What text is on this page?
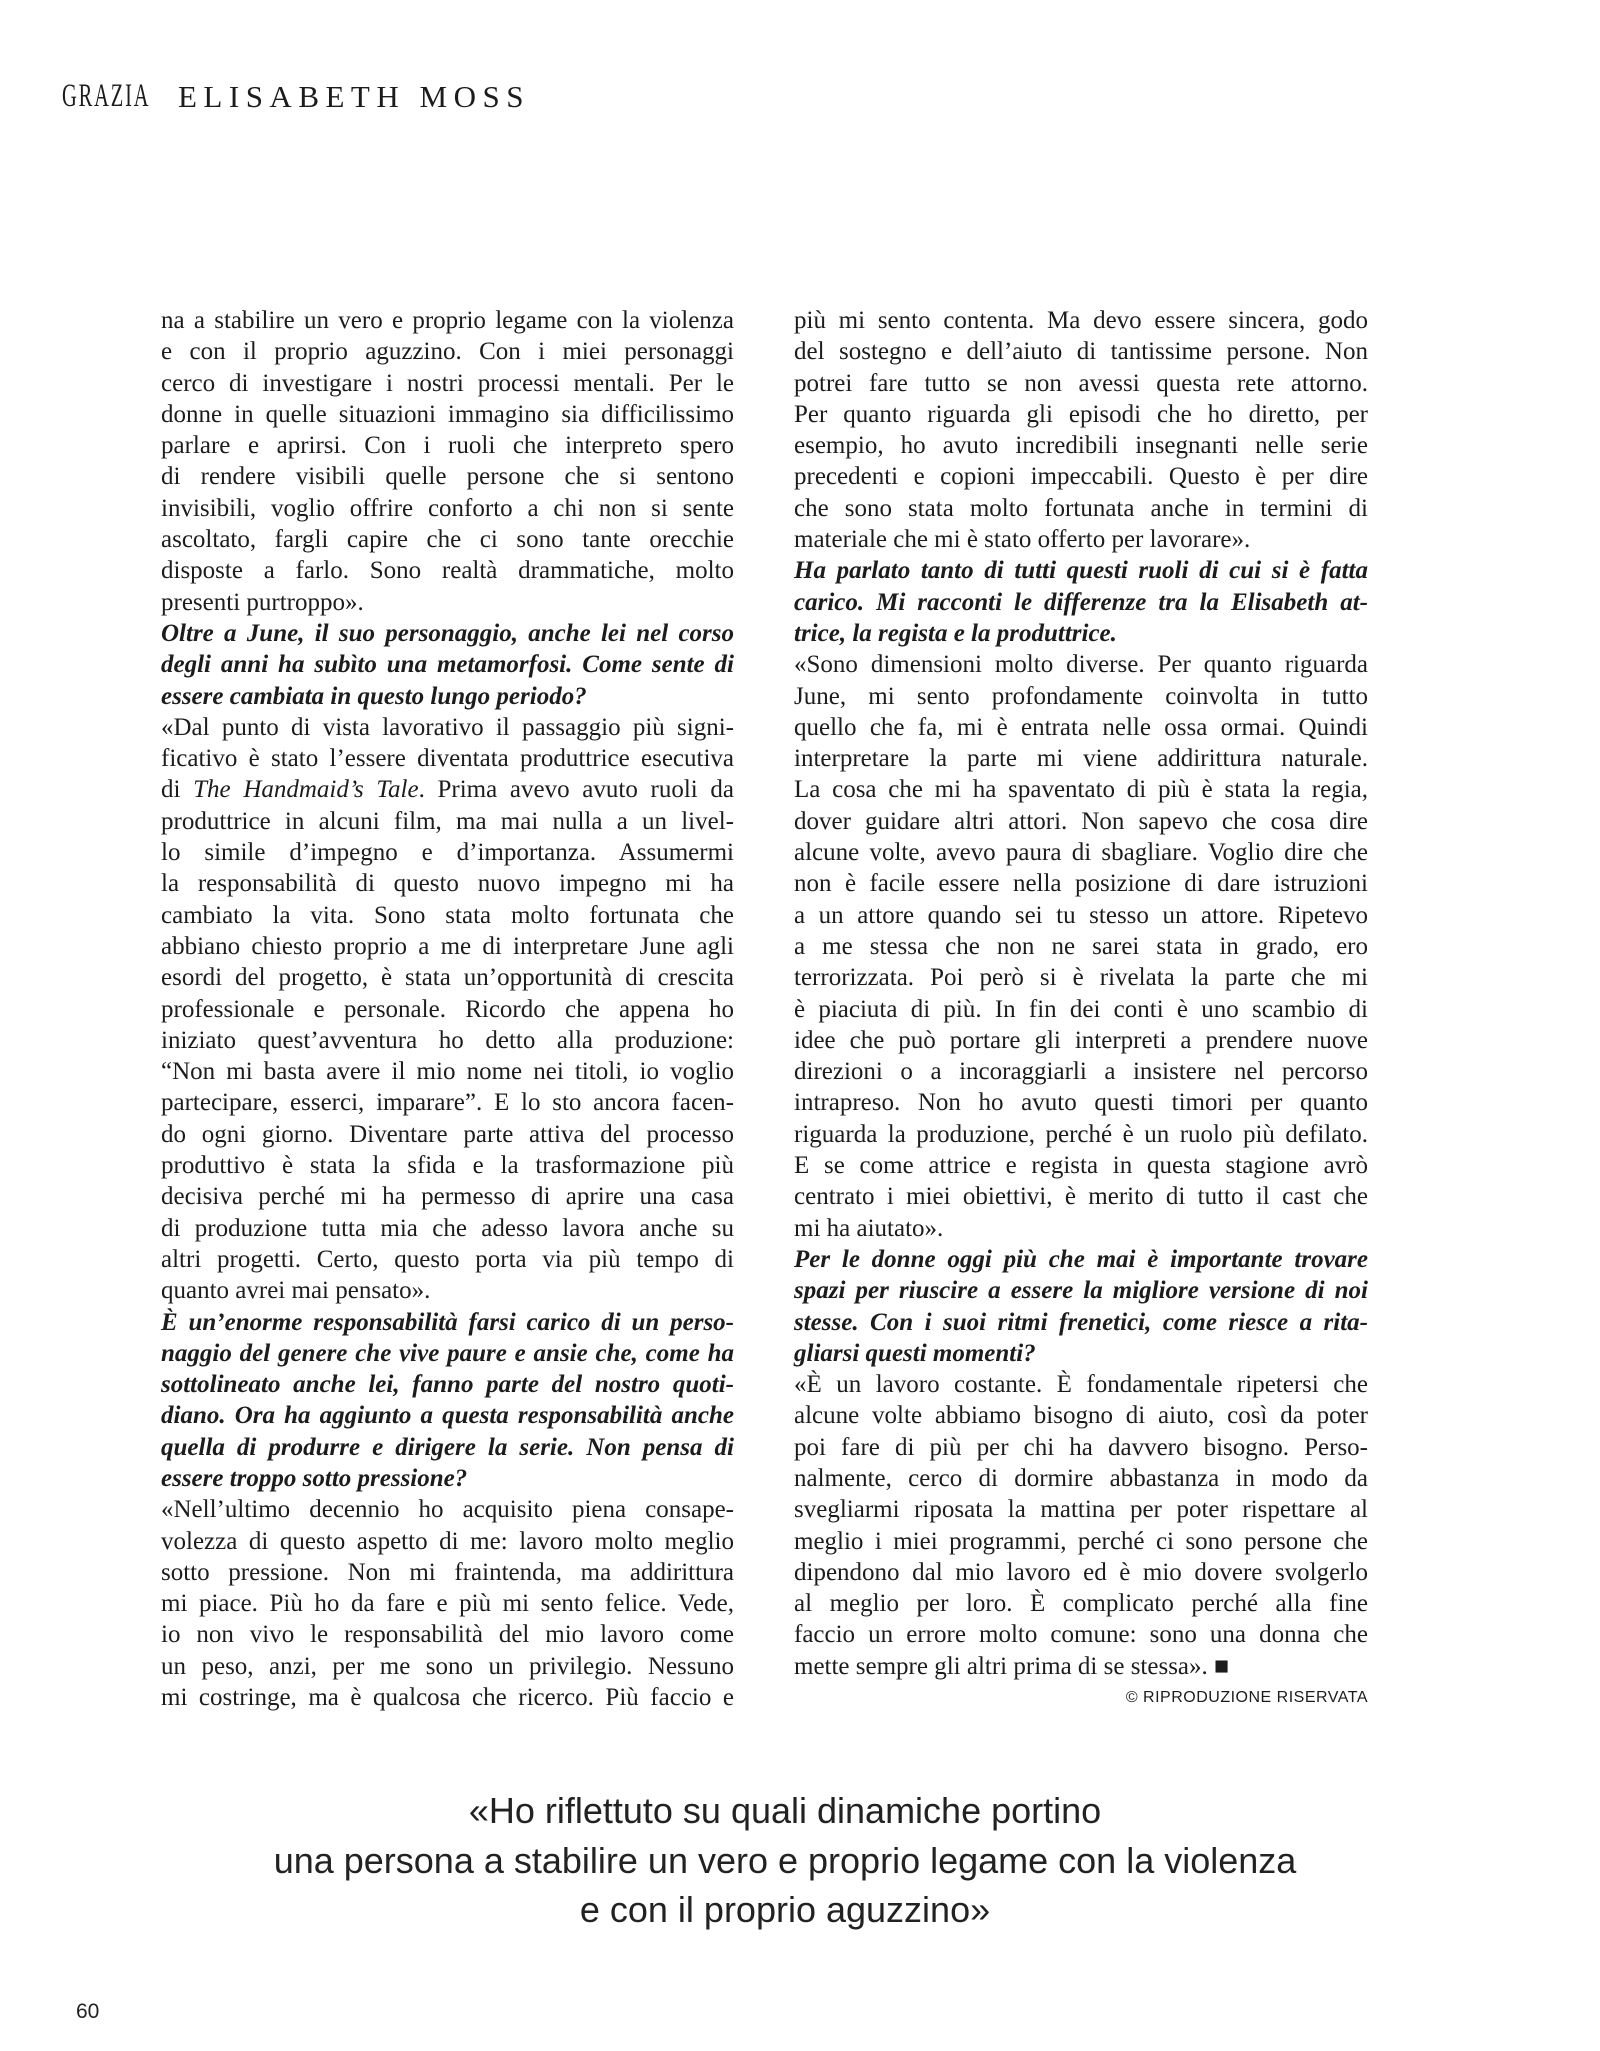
GRAZIA ELISABETH MOSS
na a stabilire un vero e proprio legame con la violenza
e con il proprio aguzzino. Con i miei personaggi
cerco di investigare i nostri processi mentali. Per le
donne in quelle situazioni immagino sia difficilissimo
parlare e aprirsi. Con i ruoli che interpreto spero
di rendere visibili quelle persone che si sentono
invisibili, voglio offrire conforto a chi non si sente
ascoltato, fargli capire che ci sono tante orecchie
disposte a farlo. Sono realtà drammatiche, molto
presenti purtroppo».
Oltre a June, il suo personaggio, anche lei nel corso
degli anni ha subìto una metamorfosi. Come sente di
essere cambiata in questo lungo periodo?
«Dal punto di vista lavorativo il passaggio più signi-
ficativo è stato l’essere diventata produttrice esecutiva
di The Handmaid’s Tale. Prima avevo avuto ruoli da
produttrice in alcuni film, ma mai nulla a un livel-
lo simile d’impegno e d’importanza. Assumermi
la responsabilità di questo nuovo impegno mi ha
cambiato la vita. Sono stata molto fortunata che
abbiano chiesto proprio a me di interpretare June agli
esordi del progetto, è stata un’opportunità di crescita
professionale e personale. Ricordo che appena ho
iniziato quest’avventura ho detto alla produzione:
“Non mi basta avere il mio nome nei titoli, io voglio
partecipare, esserci, imparare”. E lo sto ancora facen-
do ogni giorno. Diventare parte attiva del processo
produttivo è stata la sfida e la trasformazione più
decisiva perché mi ha permesso di aprire una casa
di produzione tutta mia che adesso lavora anche su
altri progetti. Certo, questo porta via più tempo di
quanto avrei mai pensato».
È un’enorme responsabilità farsi carico di un perso-
naggio del genere che vive paure e ansie che, come ha
sottolineato anche lei, fanno parte del nostro quoti-
diano. Ora ha aggiunto a questa responsabilità anche
quella di produrre e dirigere la serie. Non pensa di
essere troppo sotto pressione?
«Nell’ultimo decennio ho acquisito piena consape-
volezza di questo aspetto di me: lavoro molto meglio
sotto pressione. Non mi fraintenda, ma addirittura
mi piace. Più ho da fare e più mi sento felice. Vede,
io non vivo le responsabilità del mio lavoro come
un peso, anzi, per me sono un privilegio. Nessuno
mi costringe, ma è qualcosa che ricerco. Più faccio e
più mi sento contenta. Ma devo essere sincera, godo
del sostegno e dell’aiuto di tantissime persone. Non
potrei fare tutto se non avessi questa rete attorno.
Per quanto riguarda gli episodi che ho diretto, per
esempio, ho avuto incredibili insegnanti nelle serie
precedenti e copioni impeccabili. Questo è per dire
che sono stata molto fortunata anche in termini di
materiale che mi è stato offerto per lavorare».
Ha parlato tanto di tutti questi ruoli di cui si è fatta
carico. Mi racconti le differenze tra la Elisabeth at-
trice, la regista e la produttrice.
«Sono dimensioni molto diverse. Per quanto riguarda
June, mi sento profondamente coinvolta in tutto
quello che fa, mi è entrata nelle ossa ormai. Quindi
interpretare la parte mi viene addirittura naturale.
La cosa che mi ha spaventato di più è stata la regia,
dover guidare altri attori. Non sapevo che cosa dire
alcune volte, avevo paura di sbagliare. Voglio dire che
non è facile essere nella posizione di dare istruzioni
a un attore quando sei tu stesso un attore. Ripetevo
a me stessa che non ne sarei stata in grado, ero
terrorizzata. Poi però si è rivelata la parte che mi
è piaciuta di più. In fin dei conti è uno scambio di
idee che può portare gli interpreti a prendere nuove
direzioni o a incoraggiarli a insistere nel percorso
intrapreso. Non ho avuto questi timori per quanto
riguarda la produzione, perché è un ruolo più defilato.
E se come attrice e regista in questa stagione avrò
centrato i miei obiettivi, è merito di tutto il cast che
mi ha aiutato».
Per le donne oggi più che mai è importante trovare
spazi per riuscire a essere la migliore versione di noi
stesse. Con i suoi ritmi frenetici, come riesce a rita-
gliarsi questi momenti?
«È un lavoro costante. È fondamentale ripetersi che
alcune volte abbiamo bisogno di aiuto, così da poter
poi fare di più per chi ha davvero bisogno. Perso-
nalmente, cerco di dormire abbastanza in modo da
svegliarmi riposata la mattina per poter rispettare al
meglio i miei programmi, perché ci sono persone che
dipendono dal mio lavoro ed è mio dovere svolgerlo
al meglio per loro. È complicato perché alla fine
faccio un errore molto comune: sono una donna che
mette sempre gli altri prima di se stessa». ■
© RIPRODUZIONE RISERVATA
«Ho riflettuto su quali dinamiche portino
una persona a stabilire un vero e proprio legame con la violenza
e con il proprio aguzzino»
60
